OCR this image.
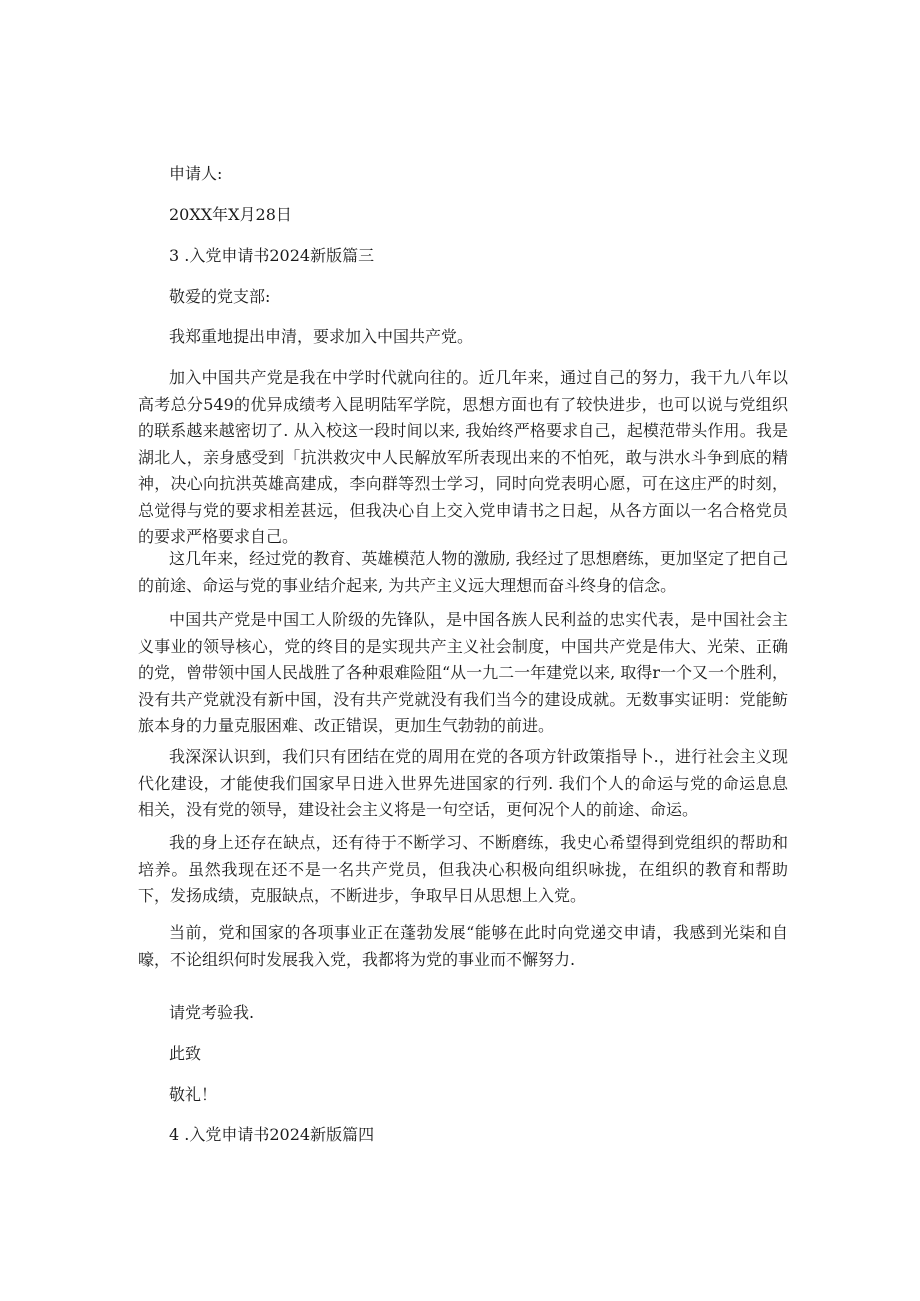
申请人:
20XX年X月28日
3 .入党申请书2024新版篇三
敬爱的党支部:
我郑重地提出申清，要求加入中国共产党。

加入中国共产党是我在中学时代就向往的。近几年来，通过自己的努力，我干九八年以高考总分549的优异成绩考入昆明陆军学院，思想方面也有了较快进步，也可以说与党组织的联系越来越密切了. 从入校这一段时间以来, 我始终严格要求自己，起模范带头作用。我是湖北人，亲身感受到「抗洪救灾中人民解放军所表现出来的不怕死，敢与洪水斗争到底的精神，决心向抗洪英雄高建成，李向群等烈士学习，同时向党表明心愿，可在这庄严的时刻，总觉得与党的要求相差甚远，但我决心自上交入党申请书之日起，从各方面以一名合格党员的要求严格要求自己。

这几年来，经过党的教育、英雄模范人物的激励, 我经过了思想磨练，更加坚定了把自己的前途、命运与党的事业结介起来, 为共产主义远大理想而奋斗终身的信念。

中国共产党是中国工人阶级的先锋队，是中国各族人民利益的忠实代表，是中国社会主义事业的领导核心，党的终目的是实现共产主义社会制度，中国共产党是伟大、光荣、正确的党，曾带领中国人民战胜了各种艰难险阻“从一九二一年建党以来, 取得r一个又一个胜利，没有共产党就没有新中国，没有共产党就没有我们当今的建设成就。无数事实证明：党能鲂旅本身的力量克服困难、改正错误，更加生气勃勃的前进。

我深深认识到，我们只有团结在党的周用在党的各项方针政策指导卜.，进行社会主义现代化建设，才能使我们国家早日进入世界先进国家的行列. 我们个人的命运与党的命运息息相关，没有党的领导，建设社会主义将是一句空话，更何况个人的前途、命运。

我的身上还存在缺点，还有待于不断学习、不断磨练，我史心希望得到党组织的帮助和培养。虽然我现在还不是一名共产党员，但我决心积极向组织咏拢，在组织的教育和帮助下，发扬成绩，克服缺点，不断进步，争取早日从思想上入党。

当前，党和国家的各项事业正在蓬勃发展“能够在此时向党递交申请，我感到光柒和自嚎，不论组织何时发展我入党，我都将为党的事业而不懈努力.

请党考验我.
此致
敬礼！
4 .入党申请书2024新版篇四
